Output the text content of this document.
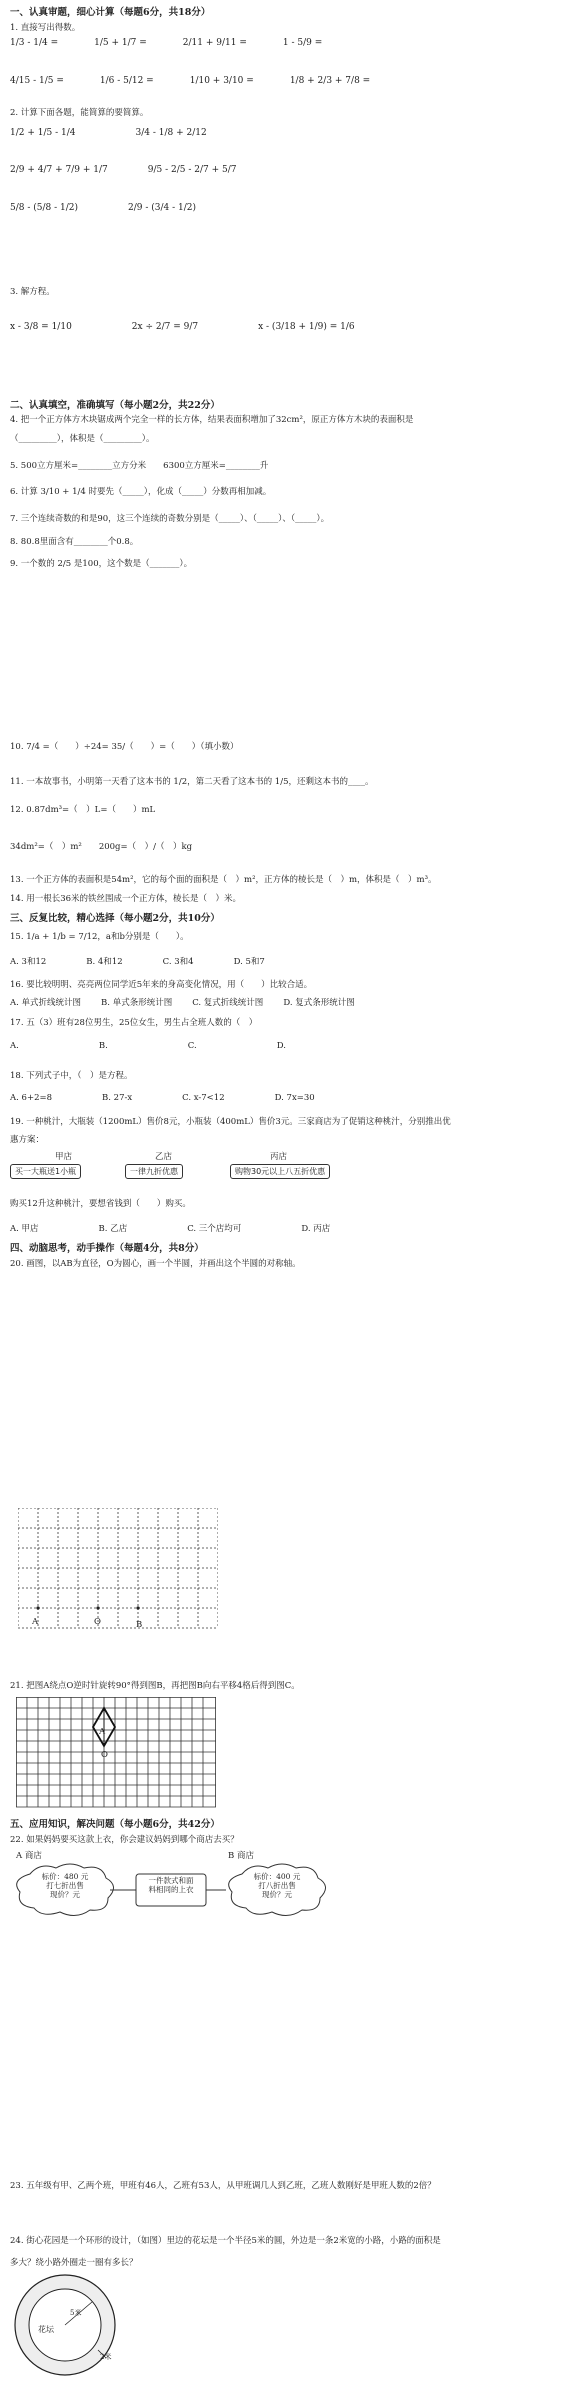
一、认真审题，细心计算（每题6分，共18分）
1. 直接写出得数。
1/3 - 1/4 =	1/5 + 1/7 =	2/11 + 9/11 =	1 - 5/9 =
4/15 - 1/5 =	1/6 - 5/12 =	1/10 + 3/10 =	1/8 + 2/3 + 7/8 =
2. 计算下面各题，能简算的要简算。
1/2 + 1/5 - 1/4	3/4 - 1/8 + 2/12
2/9 + 4/7 + 7/9 + 1/7	9/5 - 2/5 - 2/7 + 5/7
5/8 - (5/8 - 1/2)	2/9 - (3/4 - 1/2)
3. 解方程。
x - 3/8 = 1/10	2x ÷ 2/7 = 9/7	x - (3/18 + 1/9) = 1/6
二、认真填空，准确填写（每小题2分，共22分）
4. 把一个正方体方木块锯成两个完全一样的长方体，结果表面积增加了32cm²，原正方体方木块的表面积是
（_________），体积是（_________）。
5. 500立方厘米=________立方分米　　6300立方厘米=________升
6. 计算 3/10 + 1/4 时要先（_____），化成（_____）分数再相加减。
7. 三个连续奇数的和是90，这三个连续的奇数分别是（_____）、（_____）、（_____）。
8. 80.8里面含有________个0.8。
9. 一个数的 2/5 是100，这个数是（_______）。
10. 7/4 =（　　）÷24= 35/（　　）=（　　）（填小数）
11. 一本故事书，小明第一天看了这本书的 1/2，第二天看了这本书的 1/5，还剩这本书的____。
12. 0.87dm³=（　）L=（　　）mL
34dm²=（　）m²　　200g=（　）/（　）kg
13. 一个正方体的表面积是54m²，它的每个面的面积是（　）m²，正方体的棱长是（　）m，体积是（　）m³。
14. 用一根长36米的铁丝围成一个正方体，棱长是（　）米。
三、反复比较，精心选择（每小题2分，共10分）
15. 1/a + 1/b = 7/12，a和b分别是（　　）。
A. 3和12	B. 4和12	C. 3和4	D. 5和7
16. 要比较明明、亮亮两位同学近5年来的身高变化情况，用（　　）比较合适。
A. 单式折线统计图 B. 单式条形统计图 C. 复式折线统计图 D. 复式条形统计图
17. 五（3）班有28位男生，25位女生，男生占全班人数的（　）
A.	B.	C.	D.
18. 下列式子中，（　）是方程。
A. 6+2=8	B. 27-x	C. x-7<12	D. 7x=30
19. 一种桃汁，大瓶装（1200mL）售价8元，小瓶装（400mL）售价3元。三家商店为了促销这种桃汁，分别推出优
惠方案：
甲店
买一大瓶送1小瓶
乙店
一律九折优惠
丙店
购物30元以上八五折优惠
购买12升这种桃汁，要想省钱到（　　）购买。
A. 甲店	B. 乙店	C. 三个店均可	D. 丙店
四、动脑思考，动手操作（每题4分，共8分）
20. 画图，以AB为直径，O为圆心，画一个半圆，并画出这个半圆的对称轴。
A	O	B
21. 把图A绕点O逆时针旋转90°得到图B，再把图B向右平移4格后得到图C。
A
O
五、应用知识，解决问题（每小题6分，共42分）
22. 如果妈妈要买这款上衣，你会建议妈妈到哪个商店去买？
A 商店	B 商店
标价：480 元
打七折出售
现价？元
一件款式和面
料相同的上衣
标价：400 元
打八折出售
现价？元
23. 五年级有甲、乙两个班，甲班有46人，乙班有53人，从甲班调几人到乙班，乙班人数刚好是甲班人数的2倍？
24. 街心花园是一个环形的设计，（如图）里边的花坛是一个半径5米的圆，外边是一条2米宽的小路，小路的面积是
多大？绕小路外圈走一圈有多长？
花坛
5米
2米
